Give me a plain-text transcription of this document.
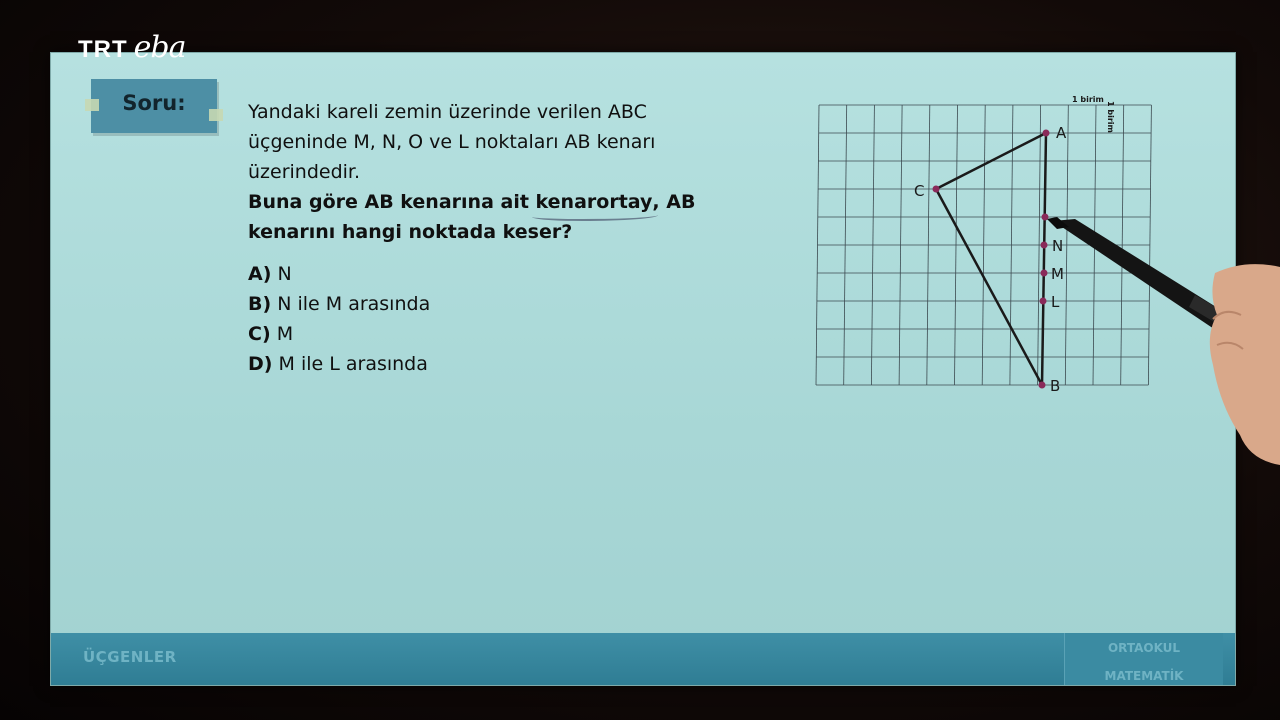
TRT eba
Soru:	Yandaki kareli zemin üzerinde verilen ABC
üçgeninde M, N, O ve L noktaları AB kenarı
üzerindedir.
Buna göre AB kenarına ait kenarortay, AB
kenarını hangi noktada keser?
A) N
B) N ile M arasında
C) M
D) M ile L arasında
A
C
N
M
L
B
1 birim
1 birim
ÜÇGENLER	ORTAOKUL
MATEMATİK
